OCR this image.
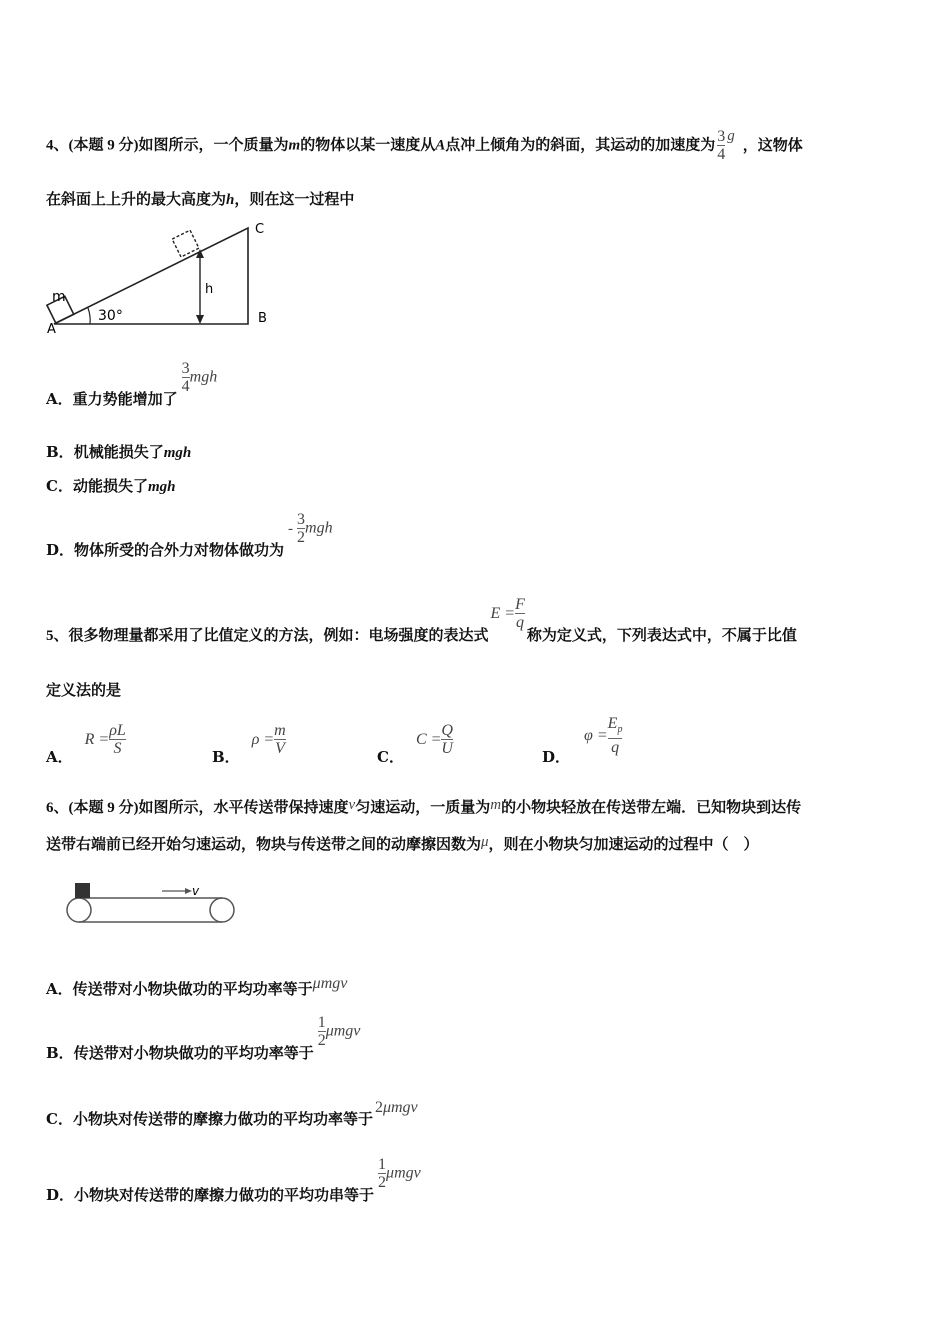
4、(本题 9 分)如图所示，一个质量为m的物体以某一速度从A点冲上倾角为的斜面，其运动的加速度为 $\frac{3}{4}$ g ，这物体
在斜面上上升的最大高度为h，则在这一过程中
h
m
A
B
C
30°
A．重力势能增加了
$\frac{3}{4}$ mgh
B．机械能损失了mgh
C．动能损失了mgh
D．物体所受的合外力对物体做功为- $\frac{3}{2}$ mgh
5、很多物理量都采用了比值定义的方法，例如：电场强度的表达式$E = \frac{F}{q}$
称为定义式，下列表达式中，不属于比值
定义法的是
A．$R = \frac{\rho L}{S}$	B．$\rho = \frac{m}{V}$	C．$C = \frac{Q}{U}$	D．$\varphi = \frac{E_p}{q}$
6、(本题 9 分)如图所示，水平传送带保持速度v匀速运动，一质量为m的小物块轻放在传送带左端．已知物块到达传
送带右端前已经开始匀速运动，物块与传送带之间的动摩擦因数为μ，则在小物块匀加速运动的过程中（　）
v
A．传送带对小物块做功的平均功率等于μmgv
B．传送带对小物块做功的平均功率等于
$\frac{1}{2}$ μmgv
C．小物块对传送带的摩擦力做功的平均功率等于2μmgv
D．小物块对传送带的摩擦力做功的平均功串等于
$\frac{1}{2}$ μmgv
